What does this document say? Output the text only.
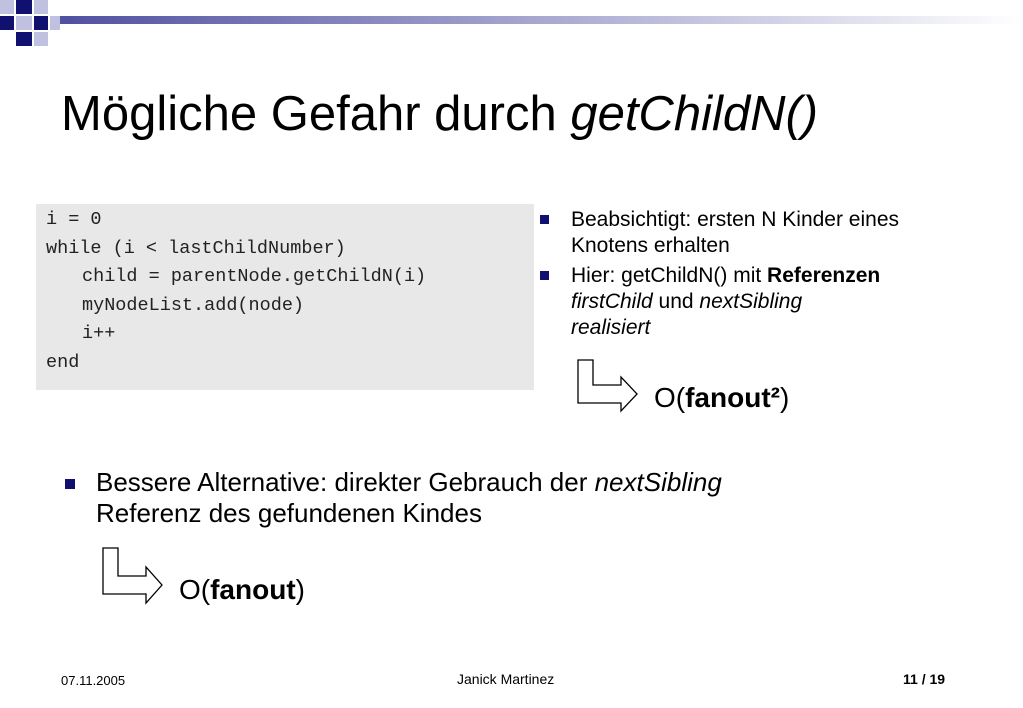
Mögliche Gefahr durch getChildN()
i = 0
while (i < lastChildNumber)
child = parentNode.getChildN(i)
myNodeList.add(node)
i++
end
Beabsichtigt: ersten N Kinder eines Knotens erhalten
Hier: getChildN() mit Referenzen
firstChild und nextSibling
realisiert
O(fanout²)
Bessere Alternative: direkter Gebrauch der nextSibling
Referenz des gefundenen Kindes
O(fanout)
07.11.2005	Janick Martinez	11 / 19
